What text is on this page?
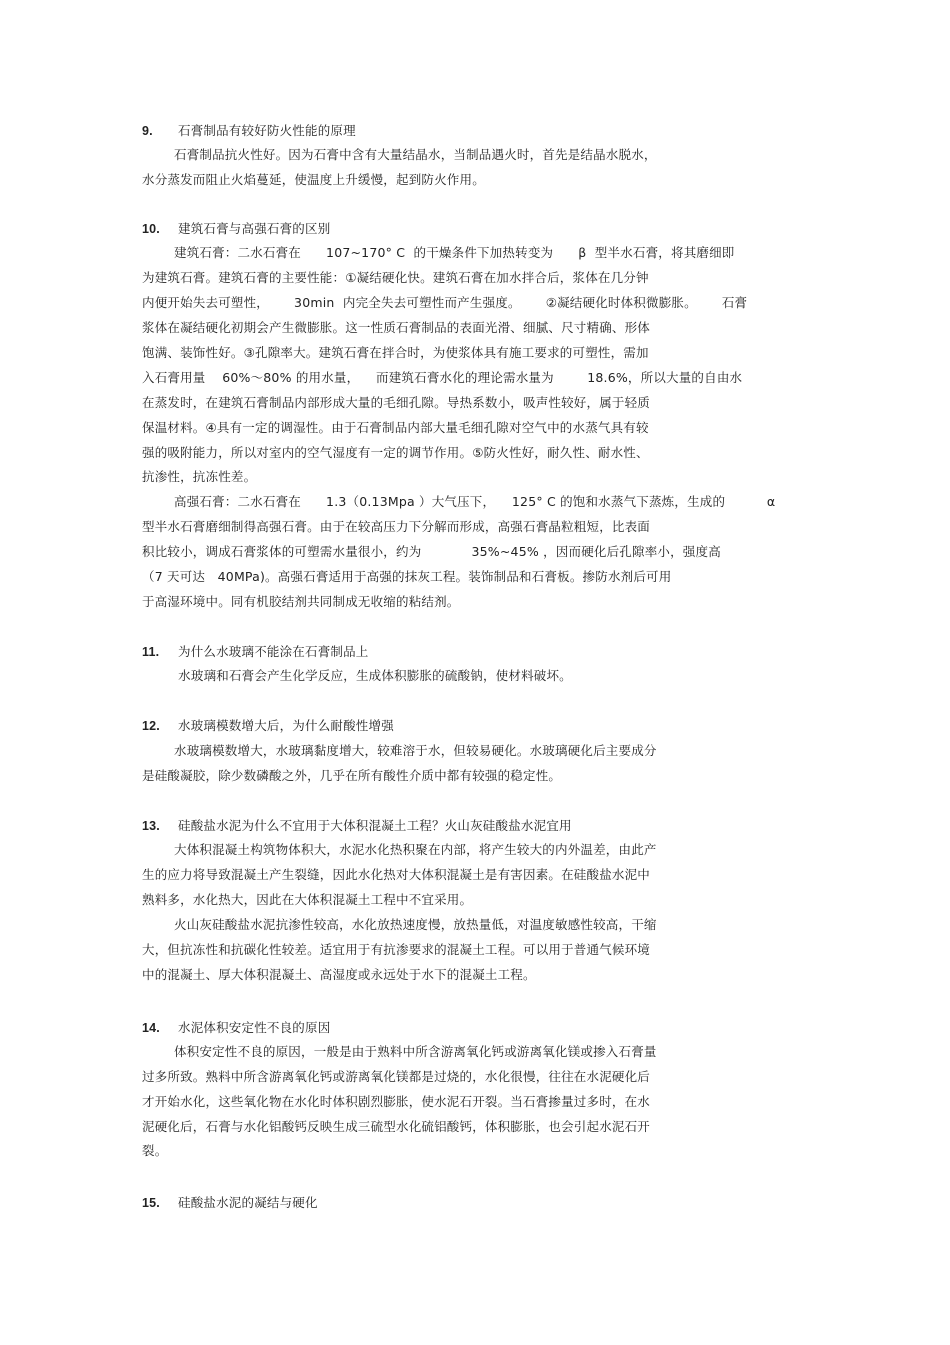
9. 石膏制品有较好防火性能的原理
石膏制品抗火性好。因为石膏中含有大量结晶水，当制品遇火时，首先是结晶水脱水，
水分蒸发而阻止火焰蔓延，使温度上升缓慢，起到防火作用。
10. 建筑石膏与高强石膏的区别
建筑石膏：二水石膏在      107~170° C  的干燥条件下加热转变为      β  型半水石膏，将其磨细即
为建筑石膏。建筑石膏的主要性能：①凝结硬化快。建筑石膏在加水拌合后，浆体在几分钟
内便开始失去可塑性，      30min  内完全失去可塑性而产生强度。      ②凝结硬化时体积微膨胀。      石膏
浆体在凝结硬化初期会产生微膨胀。这一性质石膏制品的表面光滑、细腻、尺寸精确、形体
饱满、装饰性好。③孔隙率大。建筑石膏在拌合时，为使浆体具有施工要求的可塑性，需加
入石膏用量    60%～80% 的用水量，    而建筑石膏水化的理论需水量为        18.6%，所以大量的自由水
在蒸发时，在建筑石膏制品内部形成大量的毛细孔隙。导热系数小，吸声性较好，属于轻质
保温材料。④具有一定的调湿性。由于石膏制品内部大量毛细孔隙对空气中的水蒸气具有较
强的吸附能力，所以对室内的空气湿度有一定的调节作用。⑤防火性好，耐久性、耐水性、
抗渗性，抗冻性差。
高强石膏：二水石膏在      1.3（0.13Mpa ）大气压下，    125° C 的饱和水蒸气下蒸炼，生成的          α
型半水石膏磨细制得高强石膏。由于在较高压力下分解而形成，高强石膏晶粒粗短，比表面
积比较小，调成石膏浆体的可塑需水量很小，约为            35%~45% ，因而硬化后孔隙率小，强度高
（7 天可达   40MPa)。高强石膏适用于高强的抹灰工程。装饰制品和石膏板。掺防水剂后可用
于高湿环境中。同有机胶结剂共同制成无收缩的粘结剂。
11. 为什么水玻璃不能涂在石膏制品上
水玻璃和石膏会产生化学反应，生成体积膨胀的硫酸钠，使材料破坏。
12. 水玻璃模数增大后，为什么耐酸性增强
水玻璃模数增大，水玻璃黏度增大，较难溶于水，但较易硬化。水玻璃硬化后主要成分
是硅酸凝胶，除少数磷酸之外，几乎在所有酸性介质中都有较强的稳定性。
13. 硅酸盐水泥为什么不宜用于大体积混凝土工程？火山灰硅酸盐水泥宜用
大体积混凝土构筑物体积大，水泥水化热积聚在内部，将产生较大的内外温差，由此产
生的应力将导致混凝土产生裂缝，因此水化热对大体积混凝土是有害因素。在硅酸盐水泥中
熟料多，水化热大，因此在大体积混凝土工程中不宜采用。
火山灰硅酸盐水泥抗渗性较高，水化放热速度慢，放热量低，对温度敏感性较高，干缩
大，但抗冻性和抗碳化性较差。适宜用于有抗渗要求的混凝土工程。可以用于普通气候环境
中的混凝土、厚大体积混凝土、高湿度或永远处于水下的混凝土工程。
14. 水泥体积安定性不良的原因
体积安定性不良的原因，一般是由于熟料中所含游离氧化钙或游离氧化镁或掺入石膏量
过多所致。熟料中所含游离氧化钙或游离氧化镁都是过烧的，水化很慢，往往在水泥硬化后
才开始水化，这些氧化物在水化时体积剧烈膨胀，使水泥石开裂。当石膏掺量过多时，在水
泥硬化后，石膏与水化铝酸钙反映生成三硫型水化硫铝酸钙，体积膨胀，也会引起水泥石开
裂。
15. 硅酸盐水泥的凝结与硬化
